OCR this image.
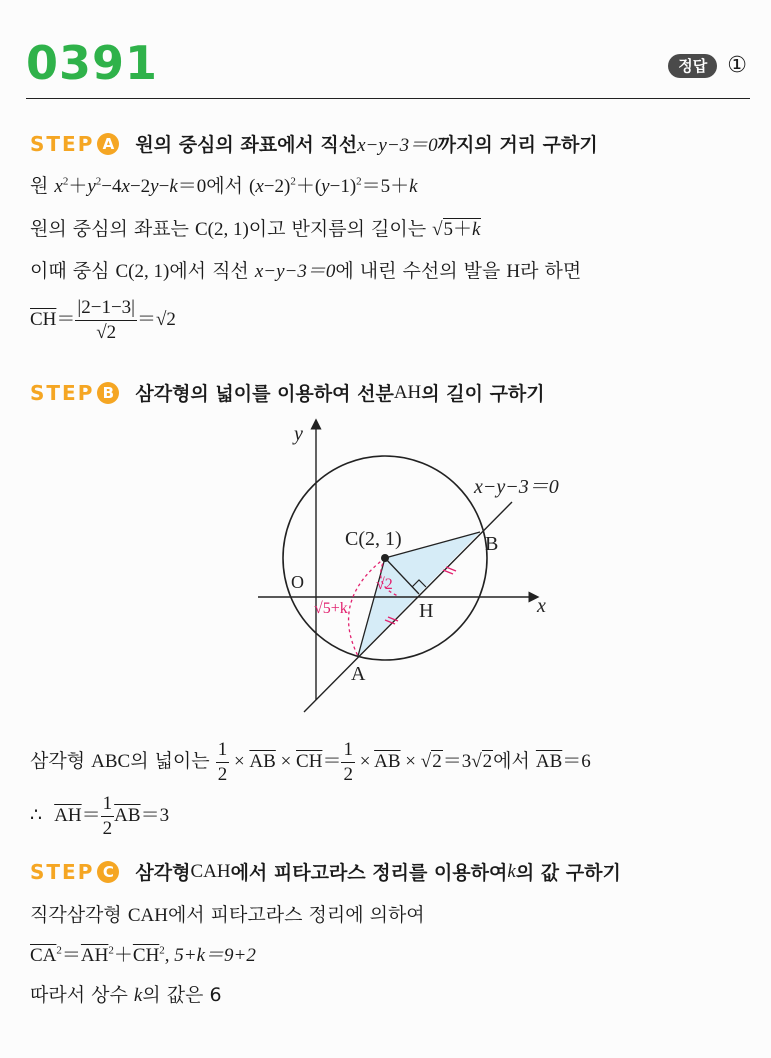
0391	정답 ①
STEP A 원의 중심의 좌표에서 직선 x−y−3＝0 까지의 거리 구하기
원 $x^2+y^2-4x-2y-k=0$에서 $(x-2)^2+(y-1)^2=5+k$
원의 중심의 좌표는 C(2, 1)이고 반지름의 길이는 √5＋k
이때 중심 C(2, 1)에서 직선 x−y−3＝0에 내린 수선의 발을 H라 하면
$\overline{CH}= \frac{|2-1-3|}{√2} =√2$
STEP B 삼각형의 넓이를 이용하여 선분 AH 의 길이 구하기
y
x
O
x−y−3＝0
C(2, 1)	B
H
A
√2
√5+k
삼각형 ABC의 넓이는 $\frac{1}{2} \times \overline{AB} \times \overline{CH}= \frac{1}{2} \times \overline{AB} \times √2=3√2$에서 $\overline{AB}=6$
∴ $\overline{AH}= \frac{1}{2} \overline{AB}=3$
STEP C 삼각형 CAH 에서 피타고라스 정리를 이용하여 k 의 값 구하기
직각삼각형 CAH에서 피타고라스 정리에 의하여
$\overline{CA}^2=\overline{AH}^2+\overline{CH}^2$, 5+k＝9+2
따라서 상수 k의 값은 6
